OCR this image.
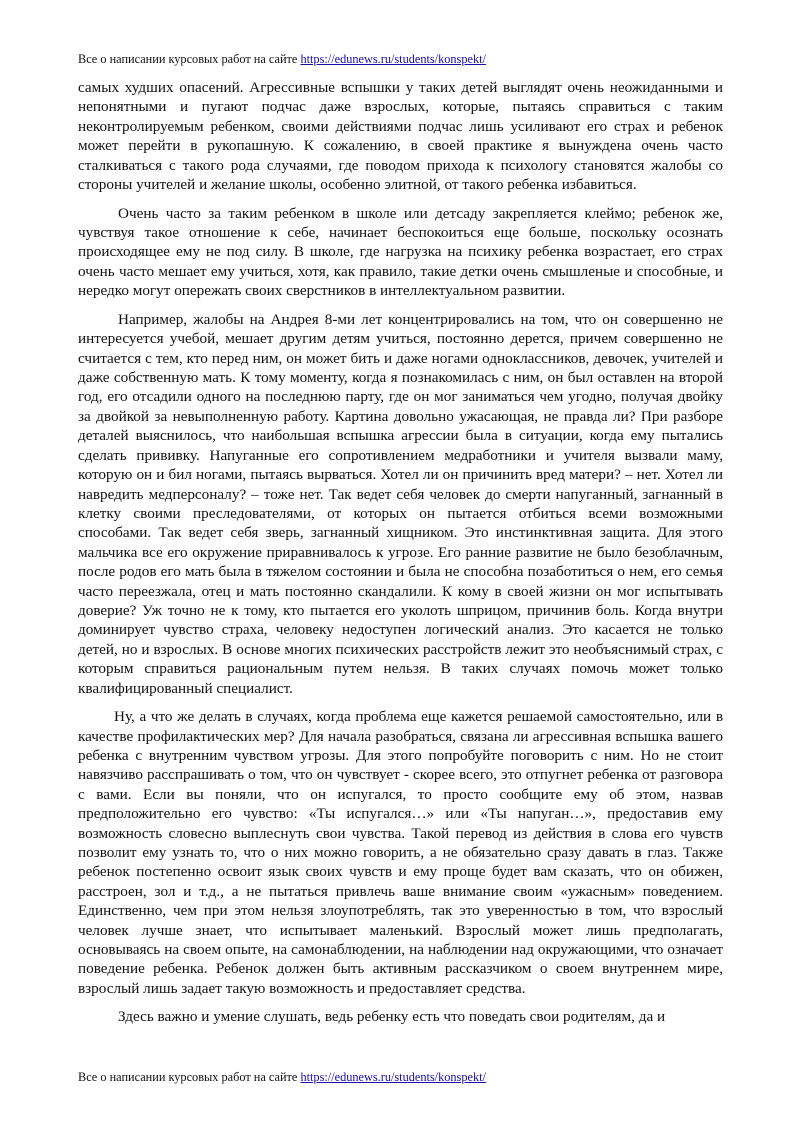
Все о написании курсовых работ на сайте https://edunews.ru/students/konspekt/

самых худших опасений. Агрессивные вспышки у таких детей выглядят очень неожиданными и непонятными и пугают подчас даже взрослых, которые, пытаясь справиться с таким неконтролируемым ребенком, своими действиями подчас лишь усиливают его страх и ребенок может перейти в рукопашную. К сожалению, в своей практике я вынуждена очень часто сталкиваться с такого рода случаями, где поводом прихода к психологу становятся жалобы со стороны учителей и желание школы, особенно элитной, от такого ребенка избавиться.

Очень часто за таким ребенком в школе или детсаду закрепляется клеймо; ребенок же, чувствуя такое отношение к себе, начинает беспокоиться еще больше, поскольку осознать происходящее ему не под силу. В школе, где нагрузка на психику ребенка возрастает, его страх очень часто мешает ему учиться, хотя, как правило, такие детки очень смышленые и способные, и нередко могут опережать своих сверстников в интеллектуальном развитии.

Например, жалобы на Андрея 8-ми лет концентрировались на том, что он совершенно не интересуется учебой, мешает другим детям учиться, постоянно дерется, причем совершенно не считается с тем, кто перед ним, он может бить и даже ногами одноклассников, девочек, учителей и даже собственную мать. К тому моменту, когда я познакомилась с ним, он был оставлен на второй год, его отсадили одного на последнюю парту, где он мог заниматься чем угодно, получая двойку за двойкой за невыполненную работу. Картина довольно ужасающая, не правда ли? При разборе деталей выяснилось, что наибольшая вспышка агрессии была в ситуации, когда ему пытались сделать прививку. Напуганные его сопротивлением медработники и учителя вызвали маму, которую он и бил ногами, пытаясь вырваться. Хотел ли он причинить вред матери? – нет. Хотел ли навредить медперсоналу? – тоже нет. Так ведет себя человек до смерти напуганный, загнанный в клетку своими преследователями, от которых он пытается отбиться всеми возможными способами. Так ведет себя зверь, загнанный хищником. Это инстинктивная защита. Для этого мальчика все его окружение приравнивалось к угрозе. Его ранние развитие не было безоблачным, после родов его мать была в тяжелом состоянии и была не способна позаботиться о нем, его семья часто переезжала, отец и мать постоянно скандалили. К кому в своей жизни он мог испытывать доверие? Уж точно не к тому, кто пытается его уколоть шприцом, причинив боль. Когда внутри доминирует чувство страха, человеку недоступен логический анализ. Это касается не только детей, но и взрослых. В основе многих психических расстройств лежит это необъяснимый страх, с которым справиться рациональным путем нельзя. В таких случаях помочь может только квалифицированный специалист.

Ну, а что же делать в случаях, когда проблема еще кажется решаемой самостоятельно, или в качестве профилактических мер? Для начала разобраться, связана ли агрессивная вспышка вашего ребенка с внутренним чувством угрозы. Для этого попробуйте поговорить с ним. Но не стоит навязчиво расспрашивать о том, что он чувствует - скорее всего, это отпугнет ребенка от разговора с вами. Если вы поняли, что он испугался, то просто сообщите ему об этом, назвав предположительно его чувство: «Ты испугался…» или «Ты напуган…», предоставив ему возможность словесно выплеснуть свои чувства. Такой перевод из действия в слова его чувств позволит ему узнать то, что о них можно говорить, а не обязательно сразу давать в глаз. Также ребенок постепенно освоит язык своих чувств и ему проще будет вам сказать, что он обижен, расстроен, зол и т.д., а не пытаться привлечь ваше внимание своим «ужасным» поведением. Единственно, чем при этом нельзя злоупотреблять, так это уверенностью в том, что взрослый человек лучше знает, что испытывает маленький. Взрослый может лишь предполагать, основываясь на своем опыте, на самонаблюдении, на наблюдении над окружающими, что означает поведение ребенка. Ребенок должен быть активным рассказчиком о своем внутреннем мире, взрослый лишь задает такую возможность и предоставляет средства.

Здесь важно и умение слушать, ведь ребенку есть что поведать свои родителям, да и

Все о написании курсовых работ на сайте https://edunews.ru/students/konspekt/
